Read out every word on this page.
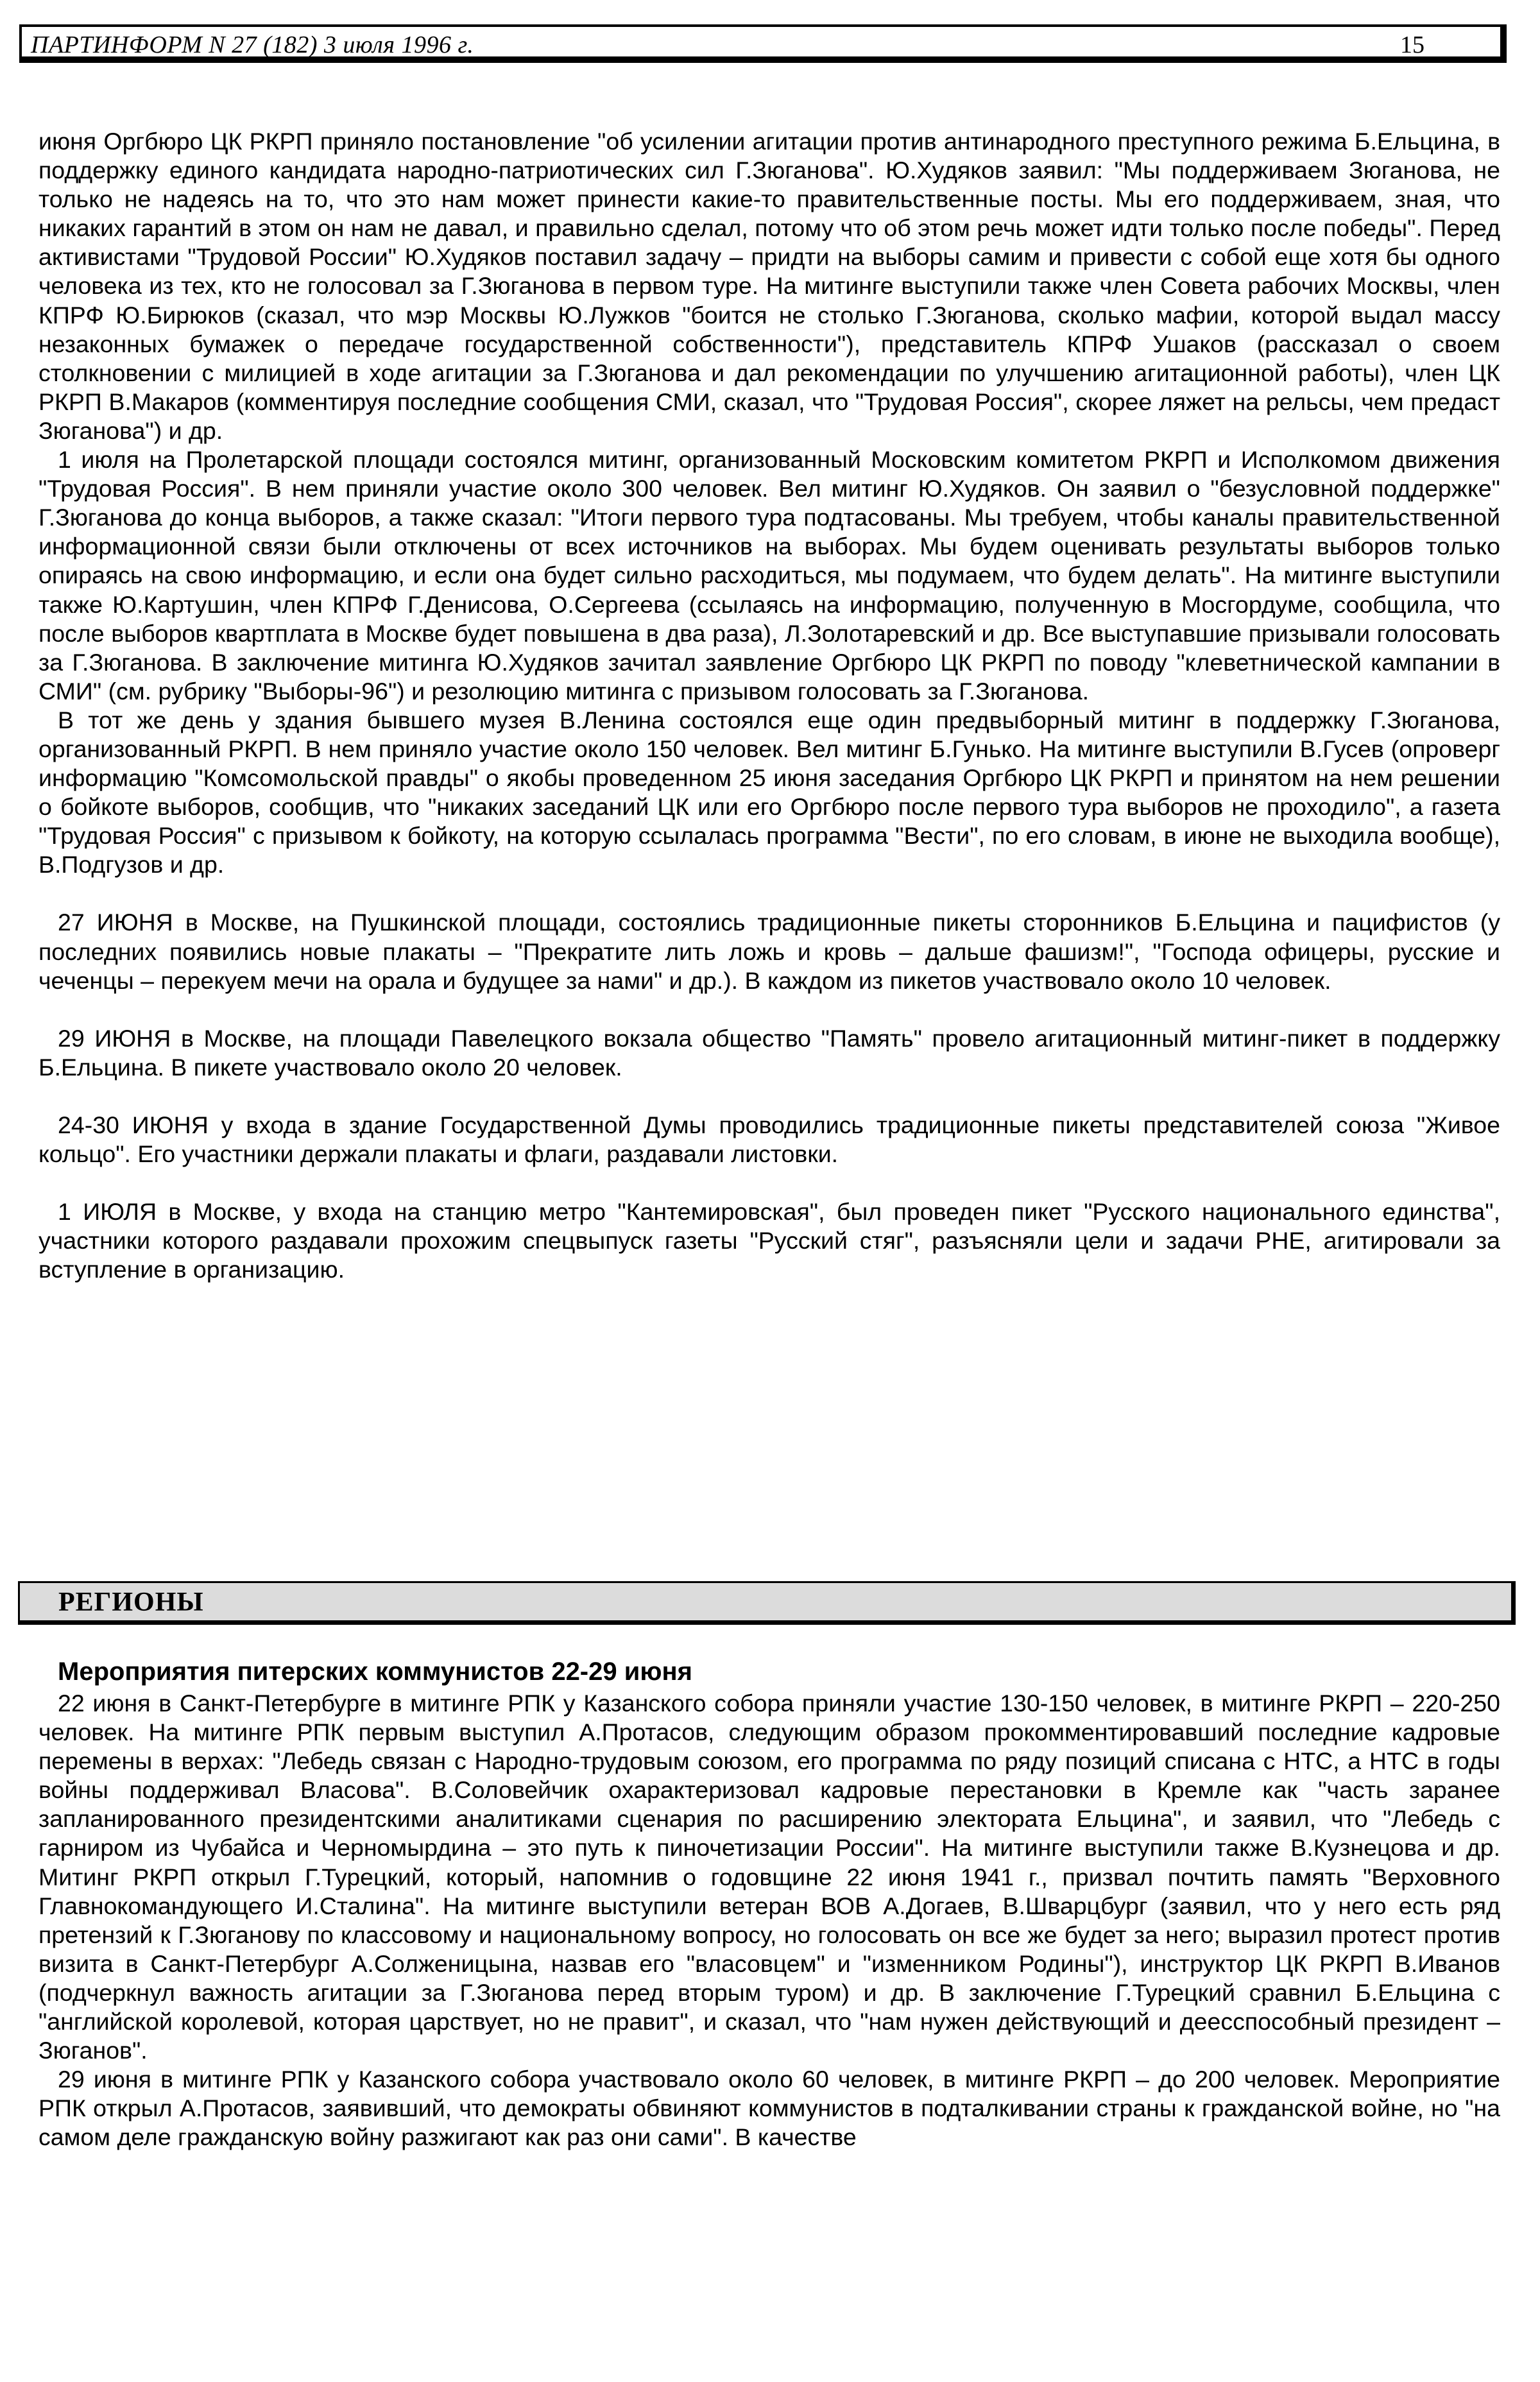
ПАРТИНФОРМ N 27 (182) 3 июля 1996 г.	15

июня Оргбюро ЦК РКРП приняло постановление "об усилении агитации против антинародного преступного режима Б.Ельцина, в поддержку единого кандидата народно-патриотических сил Г.Зюганова". Ю.Худяков заявил: "Мы поддерживаем Зюганова, не только не надеясь на то, что это нам может принести какие-то правительственные посты. Мы его поддерживаем, зная, что никаких гарантий в этом он нам не давал, и правильно сделал, потому что об этом речь может идти только после победы". Перед активистами "Трудовой России" Ю.Худяков поставил задачу – придти на выборы самим и привести с собой еще хотя бы одного человека из тех, кто не голосовал за Г.Зюганова в первом туре. На митинге выступили также член Совета рабочих Москвы, член КПРФ Ю.Бирюков (сказал, что мэр Москвы Ю.Лужков "боится не столько Г.Зюганова, сколько мафии, которой выдал массу незаконных бумажек о передаче государственной собственности"), представитель КПРФ Ушаков (рассказал о своем столкновении с милицией в ходе агитации за Г.Зюганова и дал рекомендации по улучшению агитационной работы), член ЦК РКРП В.Макаров (комментируя последние сообщения СМИ, сказал, что "Трудовая Россия", скорее ляжет на рельсы, чем предаст Зюганова") и др.

1 июля на Пролетарской площади состоялся митинг, организованный Московским комитетом РКРП и Исполкомом движения "Трудовая Россия". В нем приняли участие около 300 человек. Вел митинг Ю.Худяков. Он заявил о "безусловной поддержке" Г.Зюганова до конца выборов, а также сказал: "Итоги первого тура подтасованы. Мы требуем, чтобы каналы правительственной информационной связи были отключены от всех источников на выборах. Мы будем оценивать результаты выборов только опираясь на свою информацию, и если она будет сильно расходиться, мы подумаем, что будем делать". На митинге выступили также Ю.Картушин, член КПРФ Г.Денисова, О.Сергеева (ссылаясь на информацию, полученную в Мосгордуме, сообщила, что после выборов квартплата в Москве будет повышена в два раза), Л.Золотаревский и др. Все выступавшие призывали голосовать за Г.Зюганова. В заключение митинга Ю.Худяков зачитал заявление Оргбюро ЦК РКРП по поводу "клеветнической кампании в СМИ" (см. рубрику "Выборы-96") и резолюцию митинга с призывом голосовать за Г.Зюганова.

В тот же день у здания бывшего музея В.Ленина состоялся еще один предвыборный митинг в поддержку Г.Зюганова, организованный РКРП. В нем приняло участие около 150 человек. Вел митинг Б.Гунько. На митинге выступили В.Гусев (опроверг информацию "Комсомольской правды" о якобы проведенном 25 июня заседания Оргбюро ЦК РКРП и принятом на нем решении о бойкоте выборов, сообщив, что "никаких заседаний ЦК или его Оргбюро после первого тура выборов не проходило", а газета "Трудовая Россия" с призывом к бойкоту, на которую ссылалась программа "Вести", по его словам, в июне не выходила вообще), В.Подгузов и др.

27 ИЮНЯ в Москве, на Пушкинской площади, состоялись традиционные пикеты сторонников Б.Ельцина и пацифистов (у последних появились новые плакаты – "Прекратите лить ложь и кровь – дальше фашизм!", "Господа офицеры, русские и чеченцы – перекуем мечи на орала и будущее за нами" и др.). В каждом из пикетов участвовало около 10 человек.

29 ИЮНЯ в Москве, на площади Павелецкого вокзала общество "Память" провело агитационный митинг-пикет в поддержку Б.Ельцина. В пикете участвовало около 20 человек.

24-30 ИЮНЯ у входа в здание Государственной Думы проводились традиционные пикеты представителей союза "Живое кольцо". Его участники держали плакаты и флаги, раздавали листовки.

1 ИЮЛЯ в Москве, у входа на станцию метро "Кантемировская", был проведен пикет "Русского национального единства", участники которого раздавали прохожим спецвыпуск газеты "Русский стяг", разъясняли цели и задачи РНЕ, агитировали за вступление в организацию.

РЕГИОНЫ
Мероприятия питерских коммунистов 22-29 июня

22 июня в Санкт-Петербурге в митинге РПК у Казанского собора приняли участие 130-150 человек, в митинге РКРП – 220-250 человек. На митинге РПК первым выступил А.Протасов, следующим образом прокомментировавший последние кадровые перемены в верхах: "Лебедь связан с Народно-трудовым союзом, его программа по ряду позиций списана с НТС, а НТС в годы войны поддерживал Власова". В.Соловейчик охарактеризовал кадровые перестановки в Кремле как "часть заранее запланированного президентскими аналитиками сценария по расширению электората Ельцина", и заявил, что "Лебедь с гарниром из Чубайса и Черномырдина – это путь к пиночетизации России". На митинге выступили также В.Кузнецова и др. Митинг РКРП открыл Г.Турецкий, который, напомнив о годовщине 22 июня 1941 г., призвал почтить память "Верховного Главнокомандующего И.Сталина". На митинге выступили ветеран ВОВ А.Догаев, В.Шварцбург (заявил, что у него есть ряд претензий к Г.Зюганову по классовому и национальному вопросу, но голосовать он все же будет за него; выразил протест против визита в Санкт-Петербург А.Солженицына, назвав его "власовцем" и "изменником Родины"), инструктор ЦК РКРП В.Иванов (подчеркнул важность агитации за Г.Зюганова перед вторым туром) и др. В заключение Г.Турецкий сравнил Б.Ельцина с "английской королевой, которая царствует, но не правит", и сказал, что "нам нужен действующий и деесспособный президент – Зюганов".

29 июня в митинге РПК у Казанского собора участвовало около 60 человек, в митинге РКРП – до 200 человек. Мероприятие РПК открыл А.Протасов, заявивший, что демократы обвиняют коммунистов в подталкивании страны к гражданской войне, но "на самом деле гражданскую войну разжигают как раз они сами". В качестве
